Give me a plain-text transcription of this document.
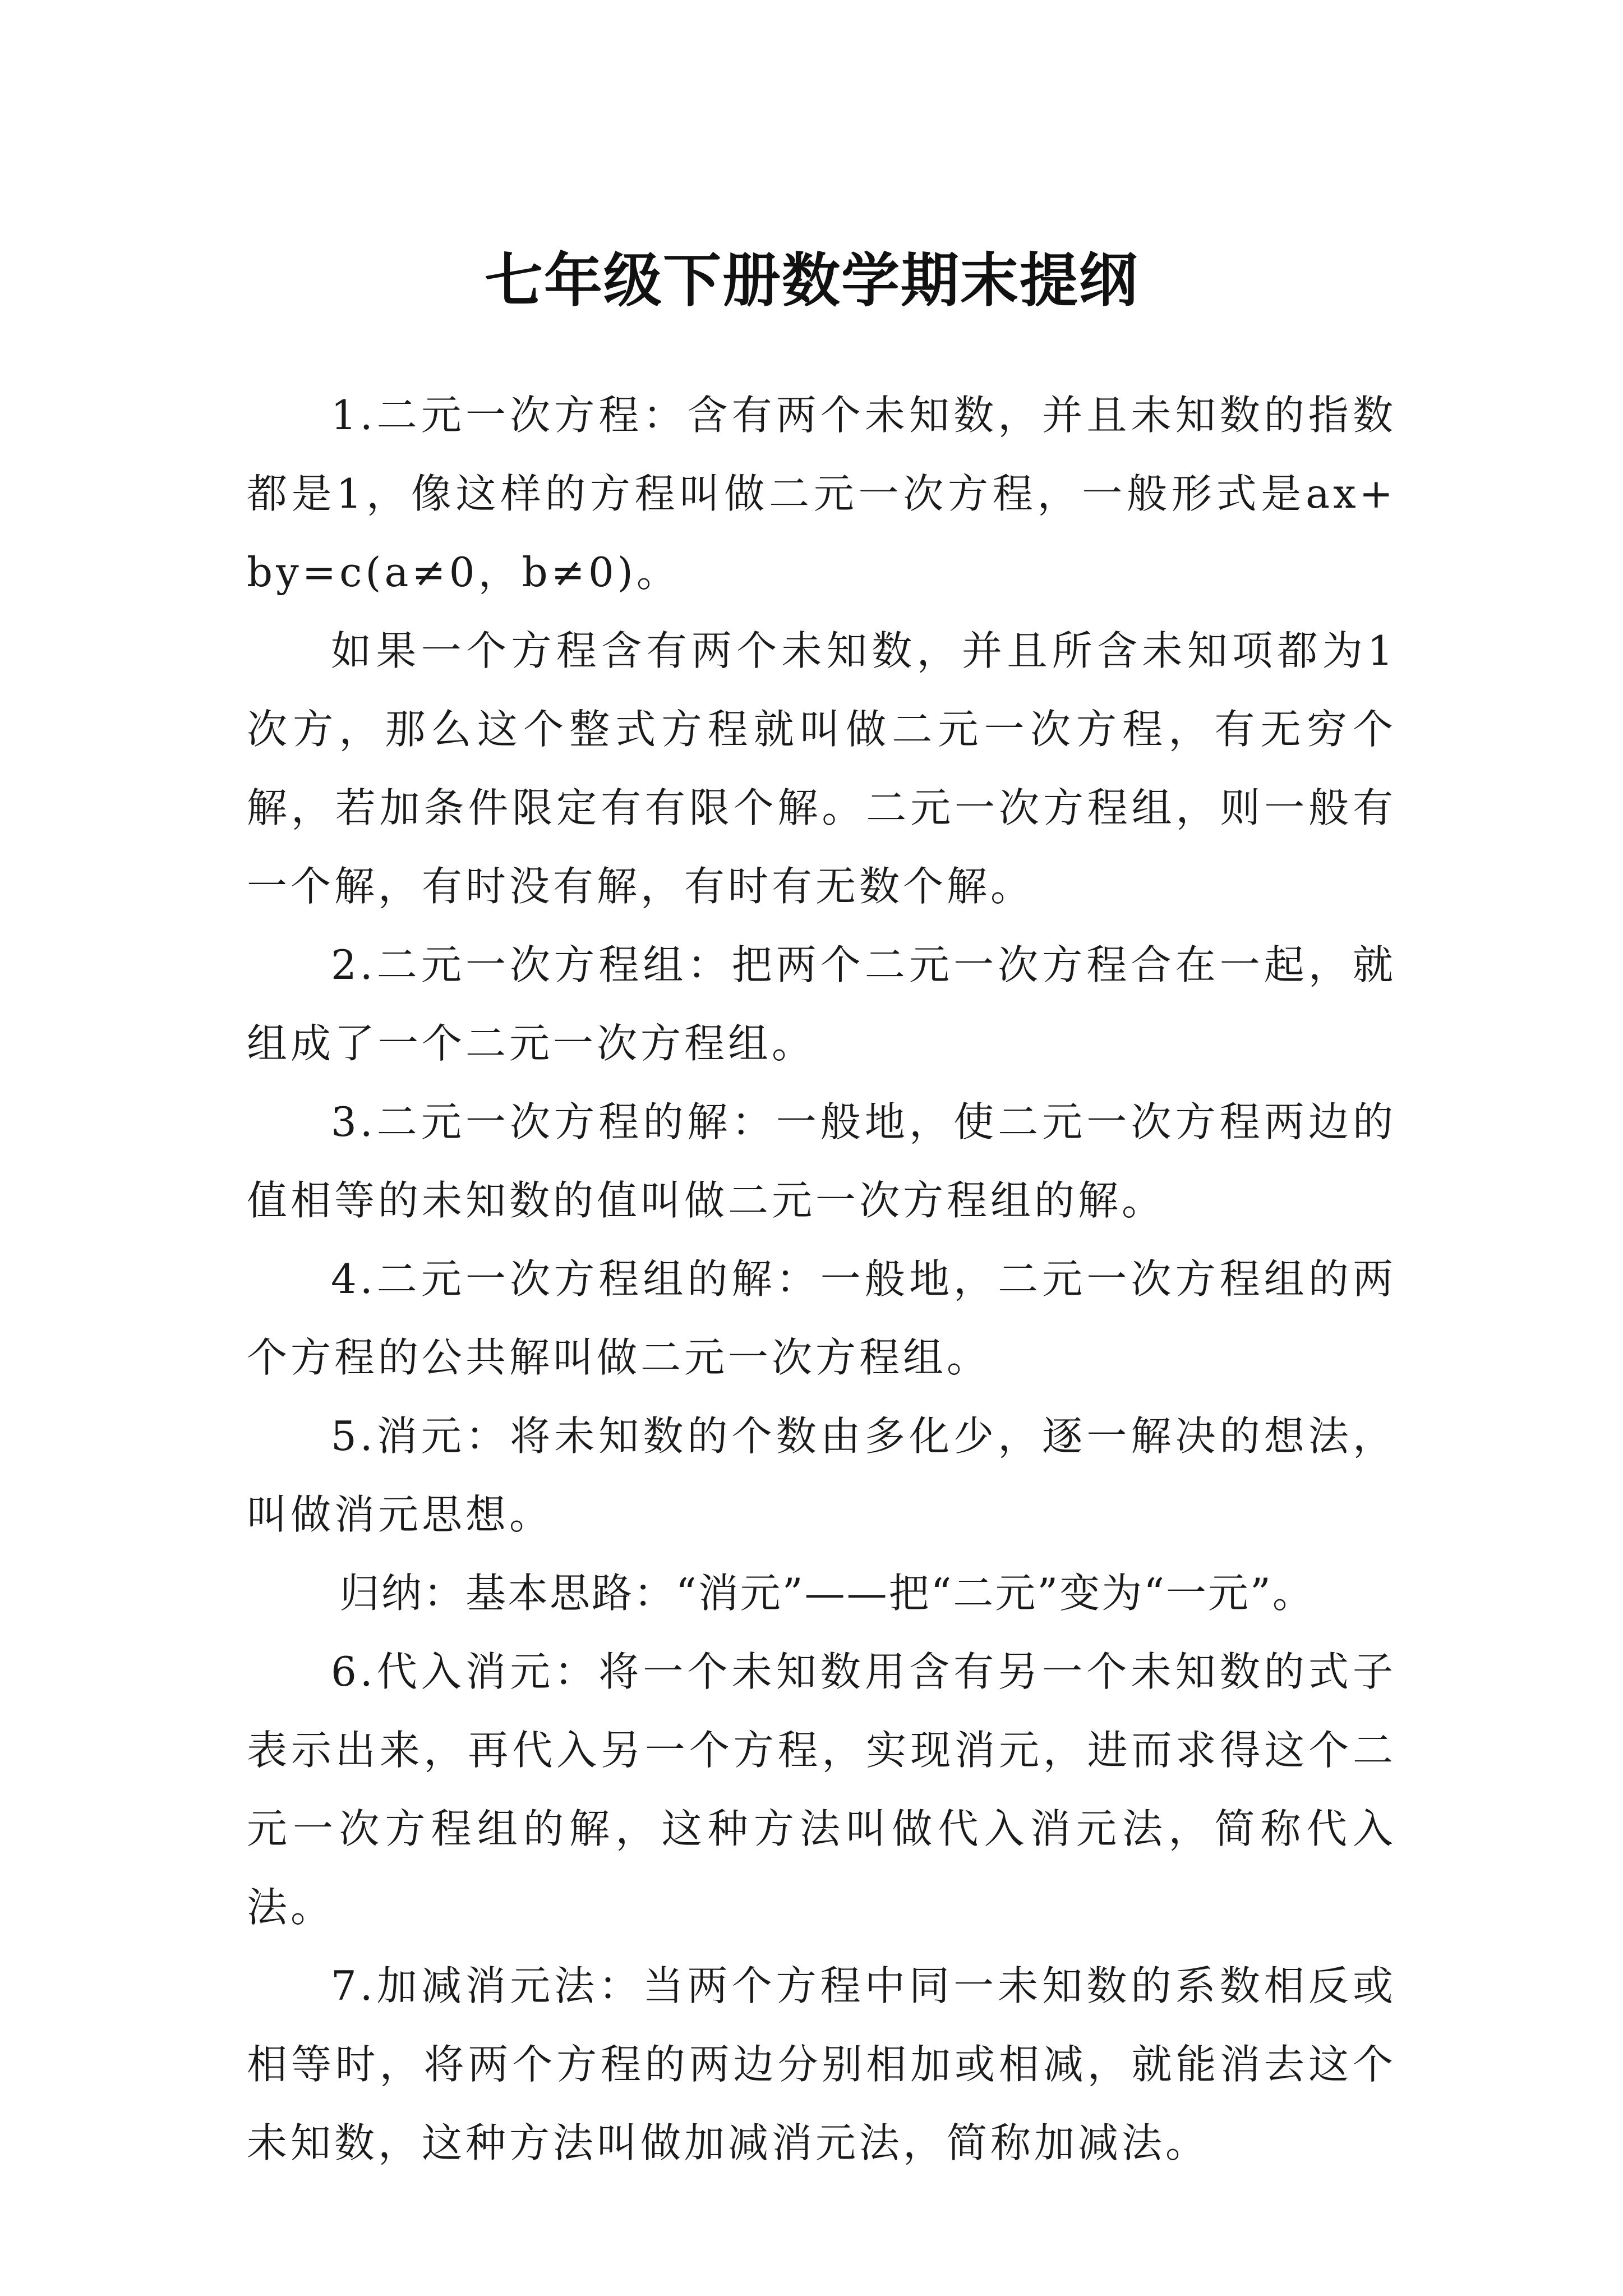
七年级下册数学期末提纲

1.二元一次方程：含有两个未知数，并且未知数的指数都是1，像这样的方程叫做二元一次方程，一般形式是ax+by=c(a≠0，b≠0)。

如果一个方程含有两个未知数，并且所含未知项都为1次方，那么这个整式方程就叫做二元一次方程，有无穷个解，若加条件限定有有限个解。二元一次方程组，则一般有一个解，有时没有解，有时有无数个解。

2.二元一次方程组：把两个二元一次方程合在一起，就组成了一个二元一次方程组。

3.二元一次方程的解：一般地，使二元一次方程两边的值相等的未知数的值叫做二元一次方程组的解。

4.二元一次方程组的解：一般地，二元一次方程组的两个方程的公共解叫做二元一次方程组。

5.消元：将未知数的个数由多化少，逐一解决的想法，叫做消元思想。

归纳：基本思路：“消元”——把“二元”变为“一元”。

6.代入消元：将一个未知数用含有另一个未知数的式子表示出来，再代入另一个方程，实现消元，进而求得这个二元一次方程组的解，这种方法叫做代入消元法，简称代入法。

7.加减消元法：当两个方程中同一未知数的系数相反或相等时，将两个方程的两边分别相加或相减，就能消去这个未知数，这种方法叫做加减消元法，简称加减法。
